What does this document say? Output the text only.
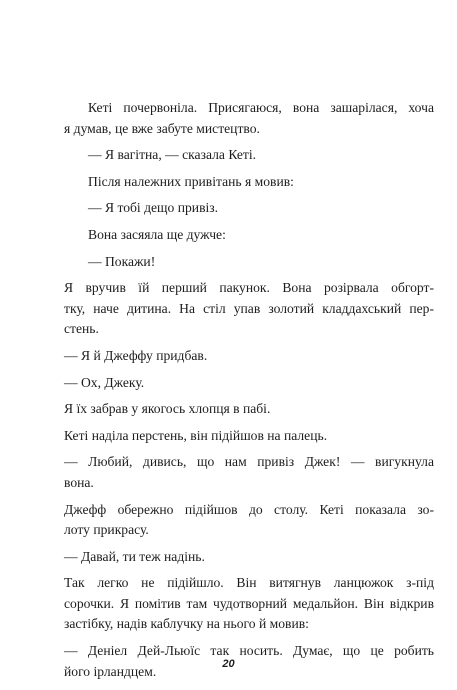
Кеті почервоніла. Присягаюся, вона зашарілася, хоча
я думав, це вже забуте мистецтво.
— Я вагітна, — сказала Кеті.
Після належних привітань я мовив:
— Я тобі дещо привіз.
Вона засяяла ще дужче:
— Покажи!
Я вручив їй перший пакунок. Вона розірвала обгорт-
тку, наче дитина. На стіл упав золотий кладдахський пер-
стень.
— Я й Джеффу придбав.
— Ох, Джеку.
Я їх забрав у якогось хлопця в пабі.
Кеті наділа перстень, він підійшов на палець.
— Любий, дивись, що нам привіз Джек! — вигукнула
вона.
Джефф обережно підійшов до столу. Кеті показала зо-
лоту прикрасу.
— Давай, ти теж надінь.
Так легко не підійшло. Він витягнув ланцюжок з-під
сорочки. Я помітив там чудотворний медальйон. Він відкрив
застібку, надів каблучку на нього й мовив:
— Деніел Дей-Льюїс так носить. Думає, що це робить
його ірландцем.	20
